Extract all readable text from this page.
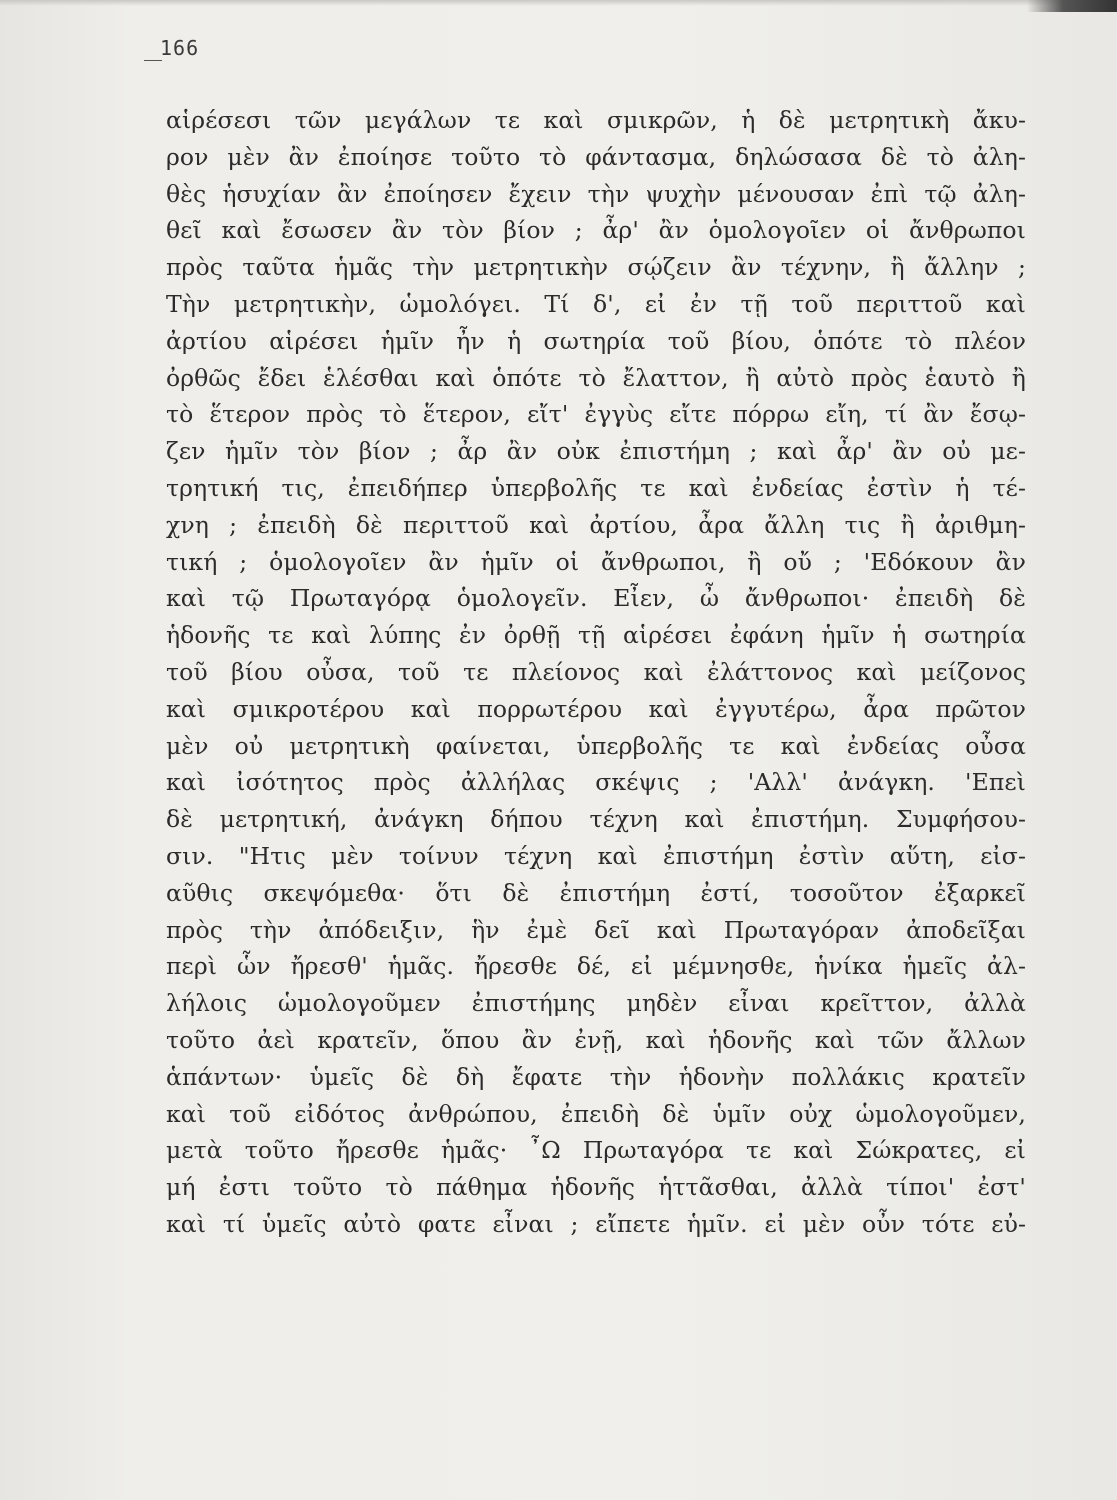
166
αἱρέσεσι τῶν μεγάλων τε καὶ σμικρῶν, ἡ δὲ μετρητικὴ ἄκυ-
ρον μὲν ἂν ἐποίησε τοῦτο τὸ φάντασμα, δηλώσασα δὲ τὸ ἀλη-
θὲς ἡσυχίαν ἂν ἐποίησεν ἔχειν τὴν ψυχὴν μένουσαν ἐπὶ τῷ ἀλη-
θεῖ καὶ ἔσωσεν ἂν τὸν βίον ; ἆρ' ἂν ὁμολογοῖεν οἱ ἄνθρωποι
πρὸς ταῦτα ἡμᾶς τὴν μετρητικὴν σῴζειν ἂν τέχνην, ἢ ἄλλην ;
Τὴν μετρητικὴν, ὡμολόγει. Τί δ', εἰ ἐν τῇ τοῦ περιττοῦ καὶ
ἀρτίου αἱρέσει ἡμῖν ἦν ἡ σωτηρία τοῦ βίου, ὁπότε τὸ πλέον
ὀρθῶς ἔδει ἑλέσθαι καὶ ὁπότε τὸ ἔλαττον, ἢ αὐτὸ πρὸς ἑαυτὸ ἢ
τὸ ἕτερον πρὸς τὸ ἕτερον, εἴτ' ἐγγὺς εἴτε πόρρω εἴη, τί ἂν ἔσῳ-
ζεν ἡμῖν τὸν βίον ; ἆρ ἂν οὐκ ἐπιστήμη ; καὶ ἆρ' ἂν οὐ με-
τρητική τις, ἐπειδήπερ ὑπερβολῆς τε καὶ ἐνδείας ἐστὶν ἡ τέ-
χνη ; ἐπειδὴ δὲ περιττοῦ καὶ ἀρτίου, ἆρα ἄλλη τις ἢ ἀριθμη-
τική ; ὁμολογοῖεν ἂν ἡμῖν οἱ ἄνθρωποι, ἢ οὔ ; 'Εδόκουν ἂν
καὶ τῷ Πρωταγόρᾳ ὁμολογεῖν. Εἶεν, ὦ ἄνθρωποι· ἐπειδὴ δὲ
ἡδονῆς τε καὶ λύπης ἐν ὀρθῇ τῇ αἱρέσει ἐφάνη ἡμῖν ἡ σωτηρία
τοῦ βίου οὖσα, τοῦ τε πλείονος καὶ ἐλάττονος καὶ μείζονος
καὶ σμικροτέρου καὶ πορρωτέρου καὶ ἐγγυτέρω, ἆρα πρῶτον
μὲν οὐ μετρητικὴ φαίνεται, ὑπερβολῆς τε καὶ ἐνδείας οὖσα
καὶ ἰσότητος πρὸς ἀλλήλας σκέψις ; 'Αλλ' ἀνάγκη. 'Επεὶ
δὲ μετρητική, ἀνάγκη δήπου τέχνη καὶ ἐπιστήμη. Συμφήσου-
σιν. "Ητις μὲν τοίνυν τέχνη καὶ ἐπιστήμη ἐστὶν αὕτη, εἰσ-
αῦθις σκεψόμεθα· ὅτι δὲ ἐπιστήμη ἐστί, τοσοῦτον ἐξαρκεῖ
πρὸς τὴν ἀπόδειξιν, ἣν ἐμὲ δεῖ καὶ Πρωταγόραν ἀποδεῖξαι
περὶ ὧν ἤρεσθ' ἡμᾶς. ἤρεσθε δέ, εἰ μέμνησθε, ἡνίκα ἡμεῖς ἀλ-
λήλοις ὡμολογοῦμεν ἐπιστήμης μηδὲν εἶναι κρεῖττον, ἀλλὰ
τοῦτο ἀεὶ κρατεῖν, ὅπου ἂν ἐνῇ, καὶ ἡδονῆς καὶ τῶν ἄλλων
ἁπάντων· ὑμεῖς δὲ δὴ ἔφατε τὴν ἡδονὴν πολλάκις κρατεῖν
καὶ τοῦ εἰδότος ἀνθρώπου, ἐπειδὴ δὲ ὑμῖν οὐχ ὡμολογοῦμεν,
μετὰ τοῦτο ἤρεσθε ἡμᾶς· ῏Ω Πρωταγόρα τε καὶ Σώκρατες, εἰ
μή ἐστι τοῦτο τὸ πάθημα ἡδονῆς ἡττᾶσθαι, ἀλλὰ τίποι' ἐστ'
καὶ τί ὑμεῖς αὐτὸ φατε εἶναι ; εἴπετε ἡμῖν. εἰ μὲν οὖν τότε εὐ-
